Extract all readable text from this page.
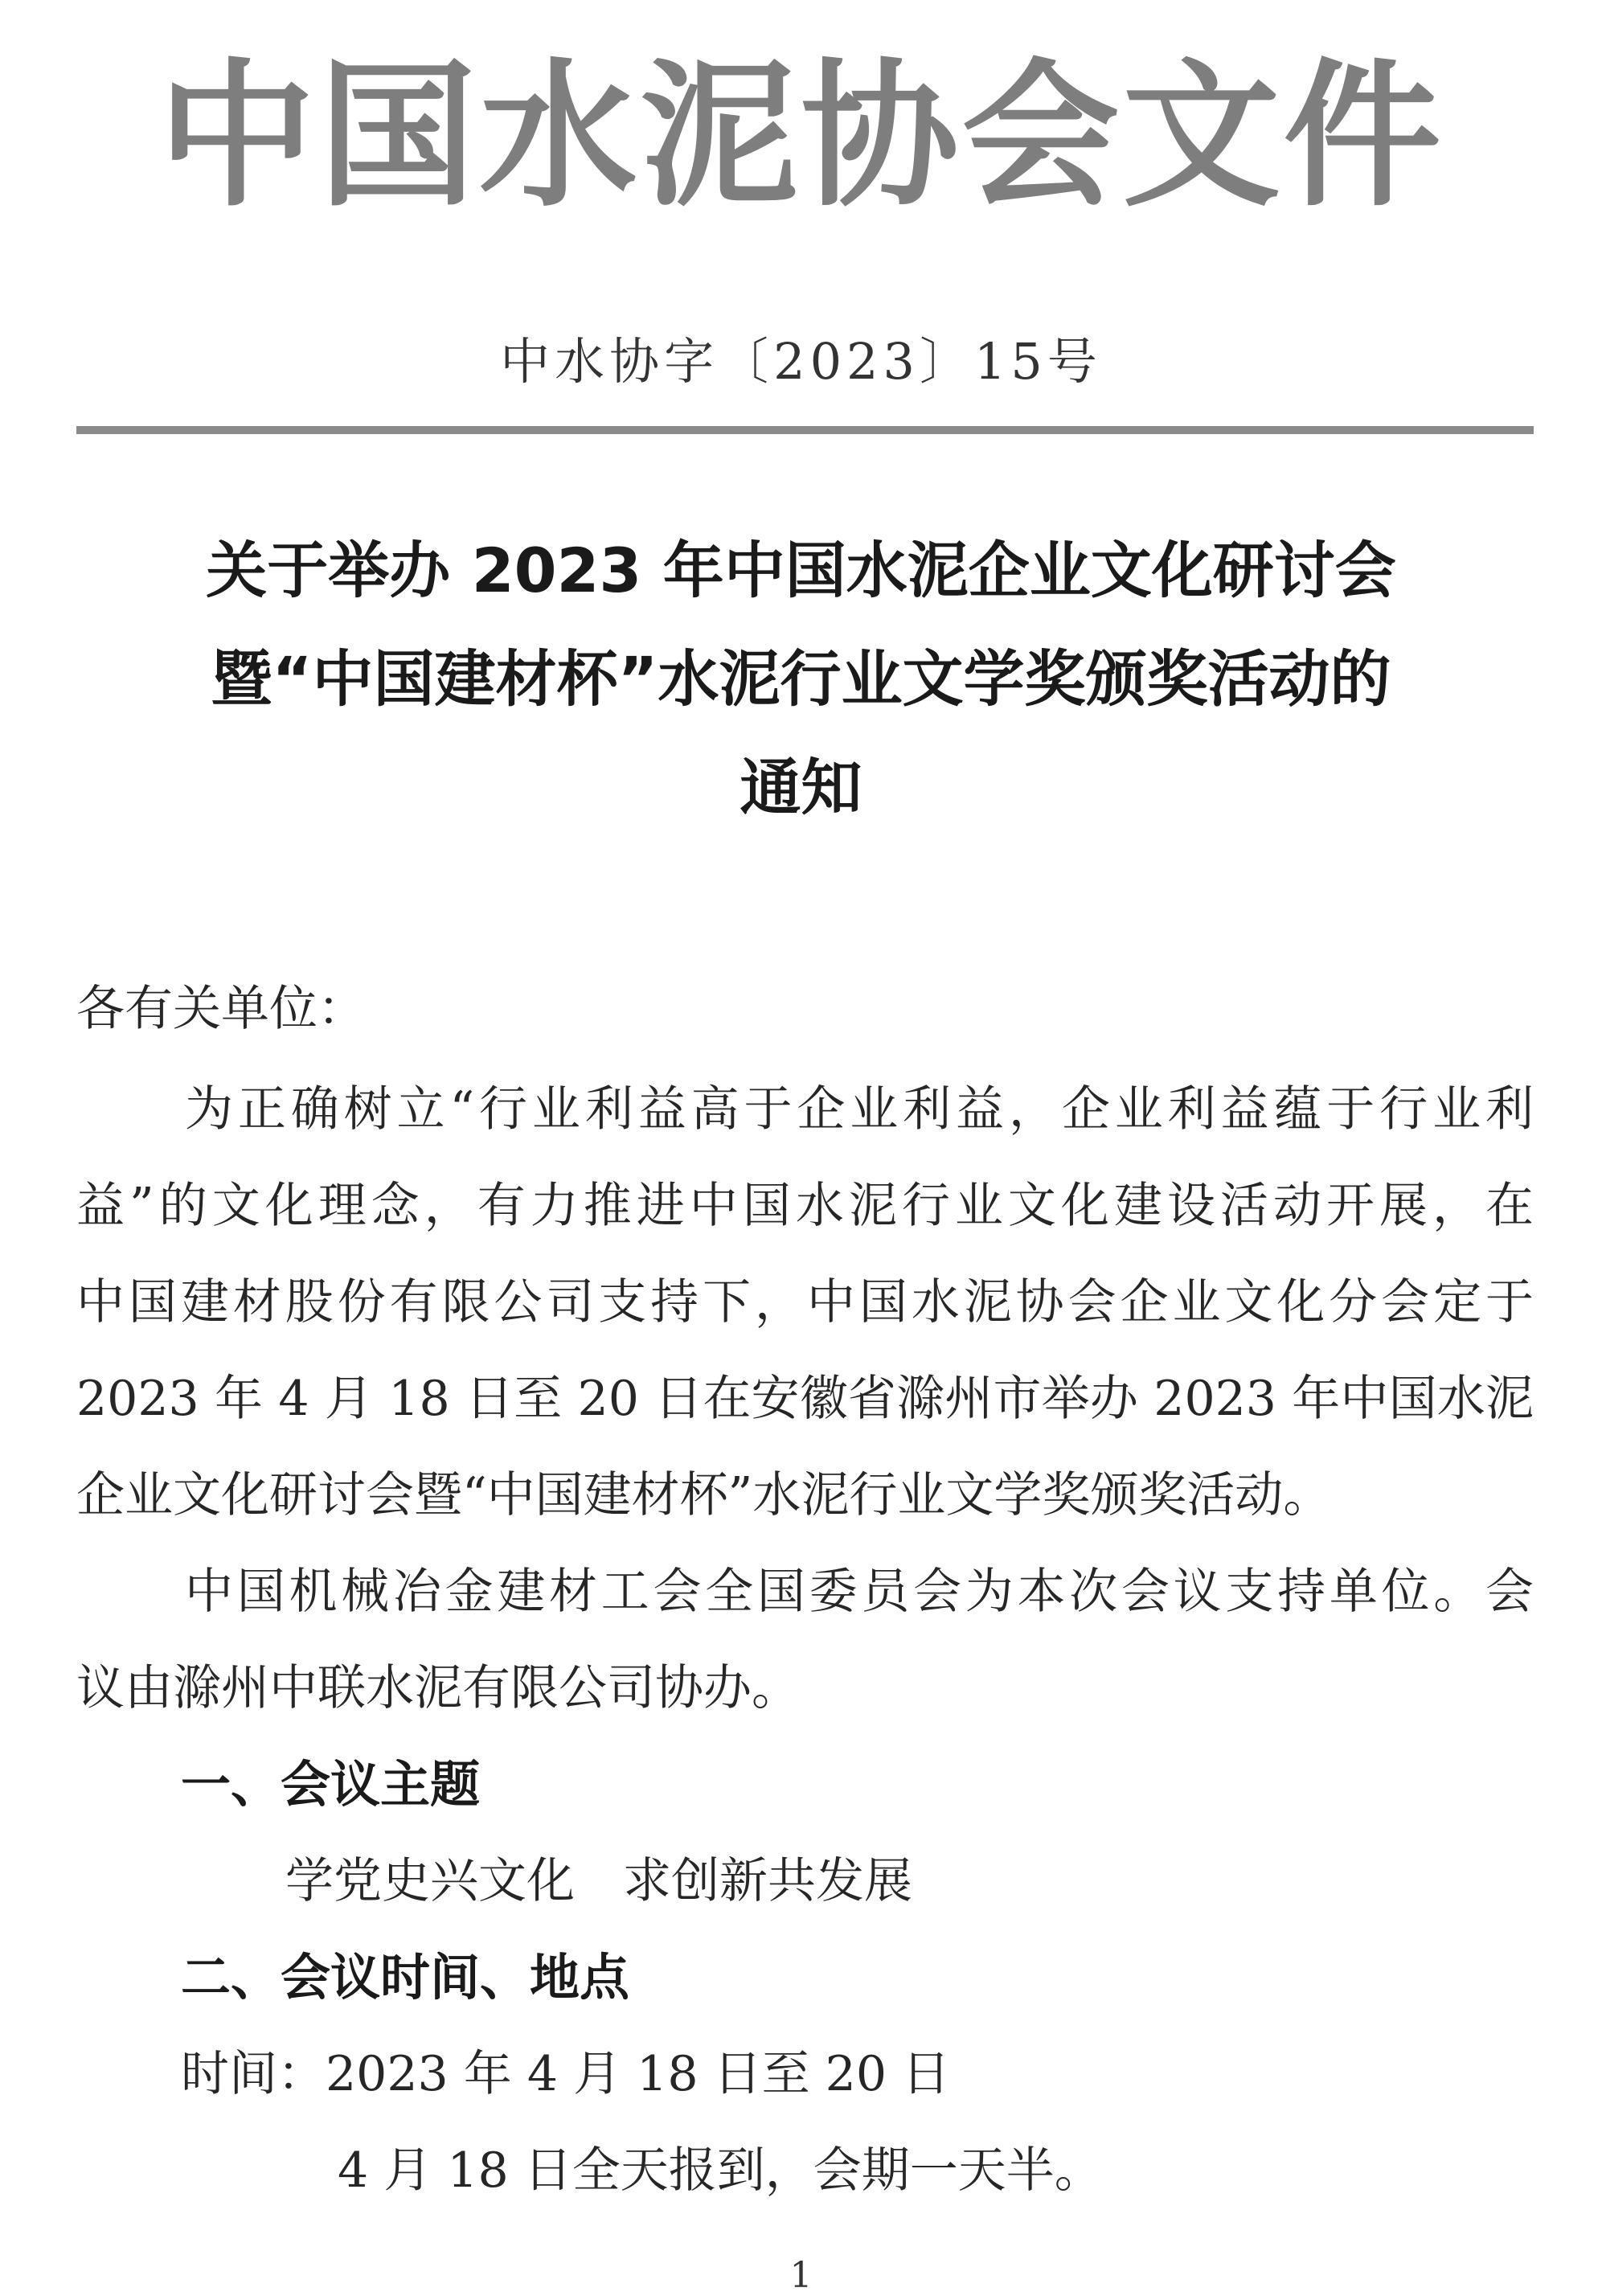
中国水泥协会文件
中水协字〔2023〕15号
关于举办 2023 年中国水泥企业文化研讨会
暨“中国建材杯”水泥行业文学奖颁奖活动的
通知
各有关单位：
为正确树立“行业利益高于企业利益，企业利益蕴于行业利
益”的文化理念，有力推进中国水泥行业文化建设活动开展，在
中国建材股份有限公司支持下，中国水泥协会企业文化分会定于
2023 年 4 月 18 日至 20 日在安徽省滁州市举办 2023 年中国水泥
企业文化研讨会暨“中国建材杯”水泥行业文学奖颁奖活动。
中国机械冶金建材工会全国委员会为本次会议支持单位。会
议由滁州中联水泥有限公司协办。
一、会议主题
学党史兴文化　求创新共发展
二、会议时间、地点
时间：2023 年 4 月 18 日至 20 日
4 月 18 日全天报到，会期一天半。
1
